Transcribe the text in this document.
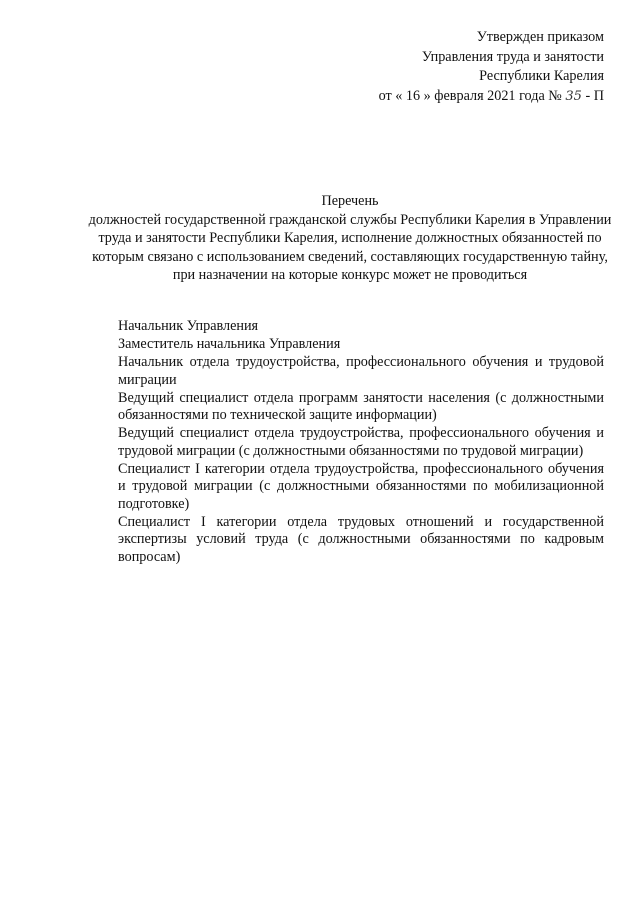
Утвержден приказом
Управления труда и занятости
Республики Карелия
от « 16 » февраля 2021 года № 35 - П
Перечень
должностей государственной гражданской службы Республики Карелия в Управлении труда и занятости Республики Карелия, исполнение должностных обязанностей по которым связано с использованием сведений, составляющих государственную тайну, при назначении на которые конкурс может не проводиться
Начальник Управления
Заместитель начальника Управления
Начальник отдела трудоустройства, профессионального обучения и трудовой миграции
Ведущий специалист отдела программ занятости населения (с должностными обязанностями по технической защите информации)
Ведущий специалист отдела трудоустройства, профессионального обучения и трудовой миграции (с должностными обязанностями по трудовой миграции)
Специалист I категории отдела трудоустройства, профессионального обучения и трудовой миграции (с должностными обязанностями по мобилизационной подготовке)
Специалист I категории отдела трудовых отношений и государственной экспертизы условий труда (с должностными обязанностями по кадровым вопросам)
